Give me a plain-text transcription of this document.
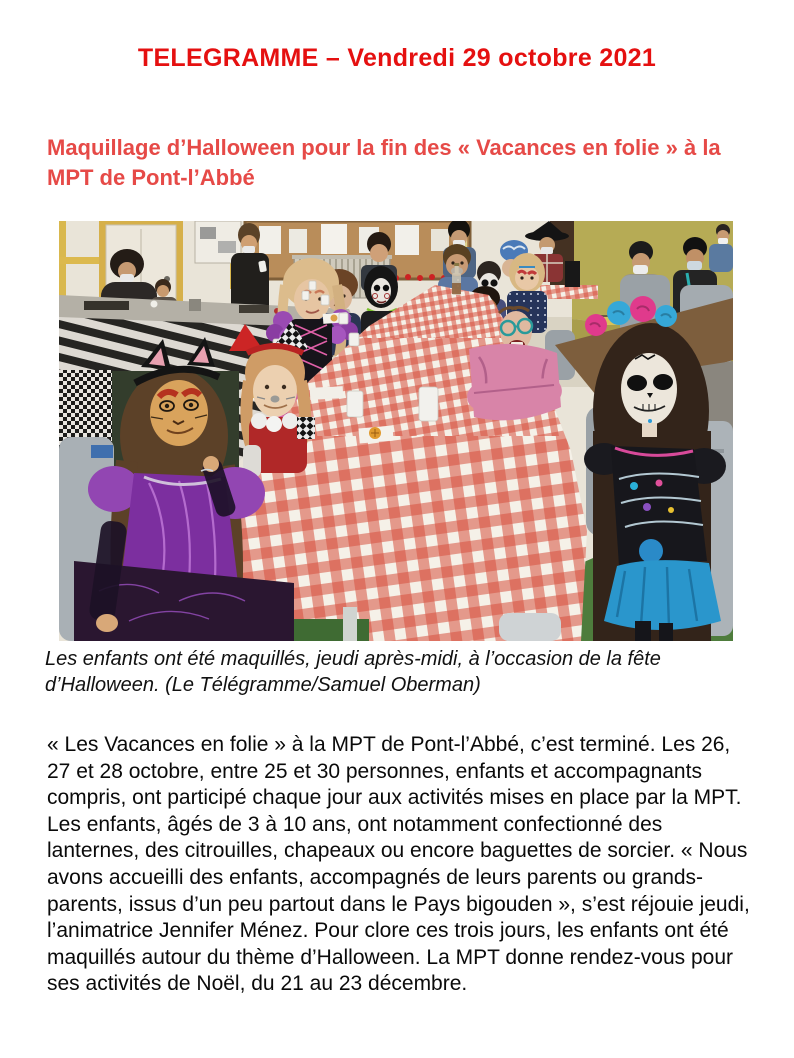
TELEGRAMME – Vendredi 29 octobre 2021
Maquillage d’Halloween pour la fin des « Vacances en folie » à la MPT de Pont-l’Abbé
Les enfants ont été maquillés, jeudi après-midi, à l’occasion de la fête d’Halloween. (Le Télégramme/Samuel Oberman)
« Les Vacances en folie » à la MPT de Pont-l’Abbé, c’est terminé. Les 26, 27 et 28 octobre, entre 25 et 30 personnes, enfants et accompagnants compris, ont participé chaque jour aux activités mises en place par la MPT. Les enfants, âgés de 3 à 10 ans, ont notamment confectionné des lanternes, des citrouilles, chapeaux ou encore baguettes de sorcier. « Nous avons accueilli des enfants, accompagnés de leurs parents ou grands-parents, issus d’un peu partout dans le Pays bigouden », s’est réjouie jeudi, l’animatrice Jennifer Ménez. Pour clore ces trois jours, les enfants ont été maquillés autour du thème d’Halloween. La MPT donne rendez-vous pour ses activités de Noël, du 21 au 23 décembre.
